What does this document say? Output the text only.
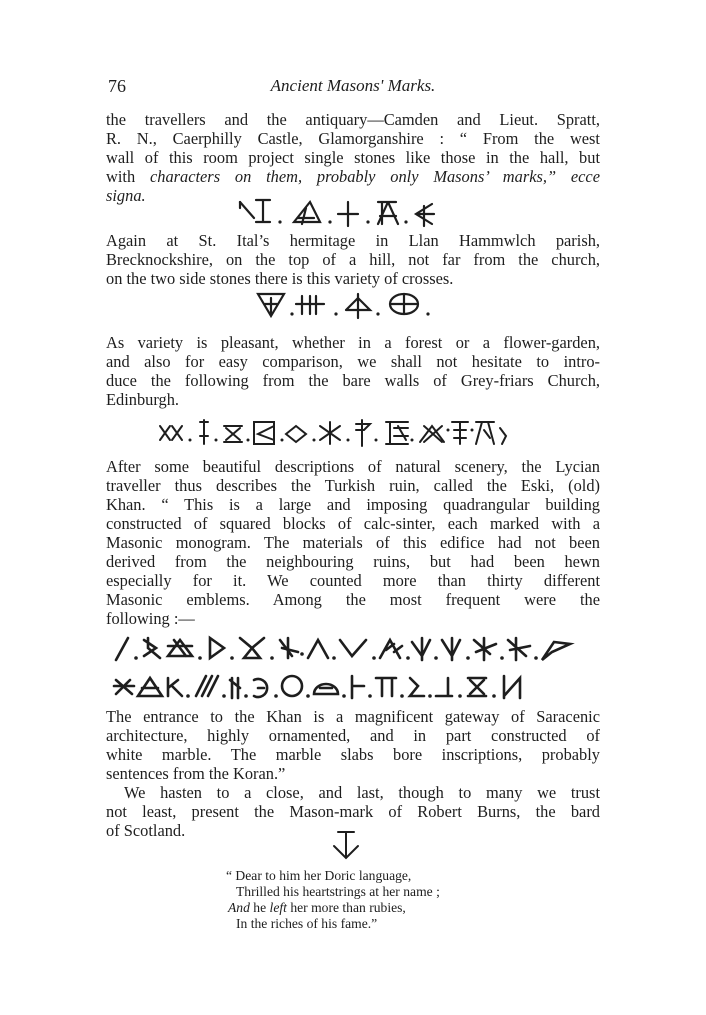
76	Ancient Masons' Marks.

the travellers and the antiquary—Camden and Lieut. Spratt,
R. N., Caerphilly Castle, Glamorganshire : “ From the west
wall of this room project single stones like those in the hall, but
with characters on them, probably only Masons’ marks,” ecce
signa.

Again at St. Ital’s hermitage in Llan Hammwlch parish,
Brecknockshire, on the top of a hill, not far from the church,
on the two side stones there is this variety of crosses.

As variety is pleasant, whether in a forest or a flower-garden,
and also for easy comparison, we shall not hesitate to intro-
duce the following from the bare walls of Grey-friars Church,
Edinburgh.

After some beautiful descriptions of natural scenery, the Lycian
traveller thus describes the Turkish ruin, called the Eski, (old)
Khan. “ This is a large and imposing quadrangular building
constructed of squared blocks of calc-sinter, each marked with a
Masonic monogram. The materials of this edifice had not been
derived from the neighbouring ruins, but had been hewn
especially for it. We counted more than thirty different
Masonic emblems. Among the most frequent were the
following :—

The entrance to the Khan is a magnificent gateway of Saracenic
architecture, highly ornamented, and in part constructed of
white marble. The marble slabs bore inscriptions, probably
sentences from the Koran.”

We hasten to a close, and last, though to many we trust
not least, present the Mason-mark of Robert Burns, the bard
of Scotland.

“ Dear to him her Doric language,
Thrilled his heartstrings at her name ;
And he left her more than rubies,
In the riches of his fame.”
